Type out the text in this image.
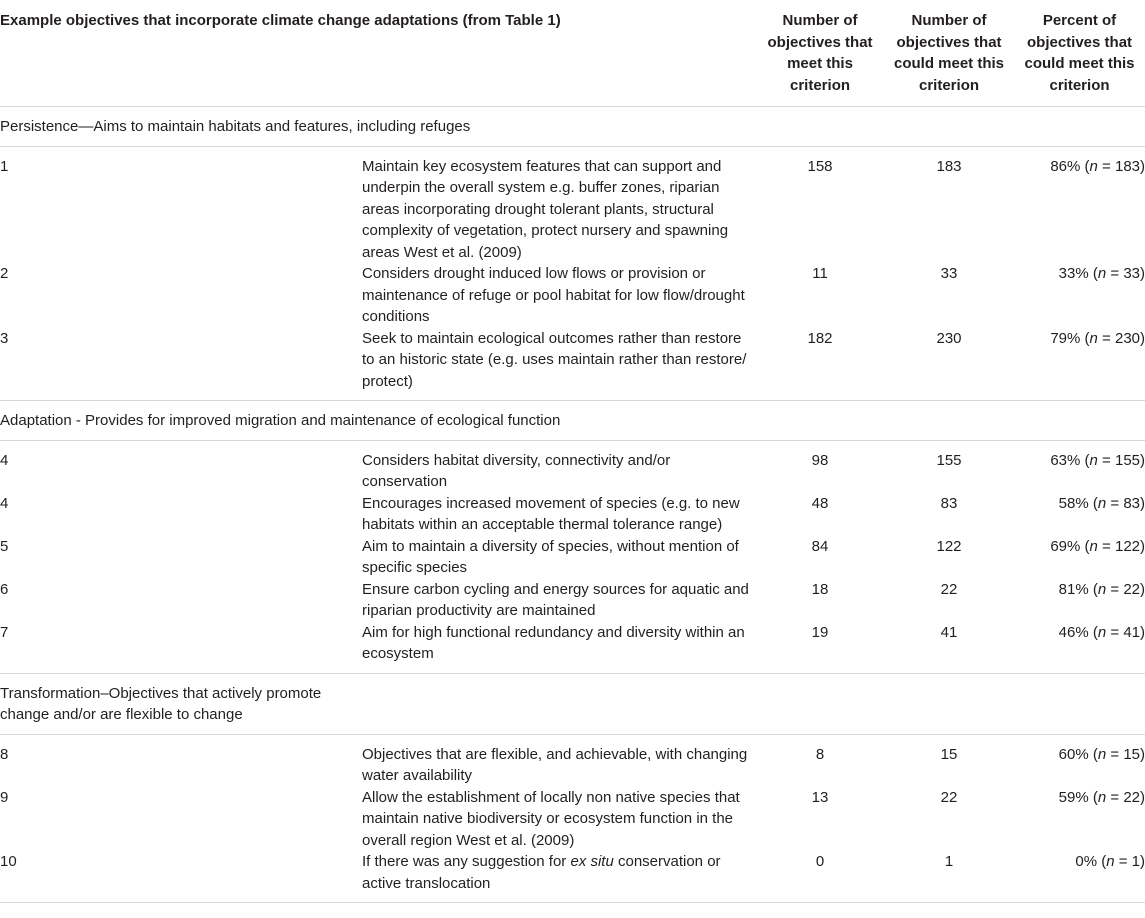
Example objectives that incorporate climate change adaptations (from Table 1)		Number of objectives that meet this criterion	Number of objectives that could meet this criterion	Percent of objectives that could meet this criterion

Persistence—Aims to maintain habitats and features, including refuges				

1	Maintain key ecosystem features that can support and underpin the overall system e.g. buffer zones, riparian areas incorporating drought tolerant plants, structural complexity of vegetation, protect nursery and spawning areas West et al. (2009)	158	183	86% (n = 183)
2	Considers drought induced low flows or provision or maintenance of refuge or pool habitat for low flow/drought conditions	11	33	33% (n = 33)
3	Seek to maintain ecological outcomes rather than restore to an historic state (e.g. uses maintain rather than restore/ protect)	182	230	79% (n = 230)

Adaptation - Provides for improved migration and maintenance of ecological function				

4	Considers habitat diversity, connectivity and/or conservation	98	155	63% (n = 155)
4	Encourages increased movement of species (e.g. to new habitats within an acceptable thermal tolerance range)	48	83	58% (n = 83)
5	Aim to maintain a diversity of species, without mention of specific species	84	122	69% (n = 122)
6	Ensure carbon cycling and energy sources for aquatic and riparian productivity are maintained	18	22	81% (n = 22)
7	Aim for high functional redundancy and diversity within an ecosystem	19	41	46% (n = 41)

Transformation–Objectives that actively promote change and/or are flexible to change				

8	Objectives that are flexible, and achievable, with changing water availability	8	15	60% (n = 15)
9	Allow the establishment of locally non native species that maintain native biodiversity or ecosystem function in the overall region West et al. (2009)	13	22	59% (n = 22)
10	If there was any suggestion for ex situ conservation or active translocation	0	1	0% (n = 1)
